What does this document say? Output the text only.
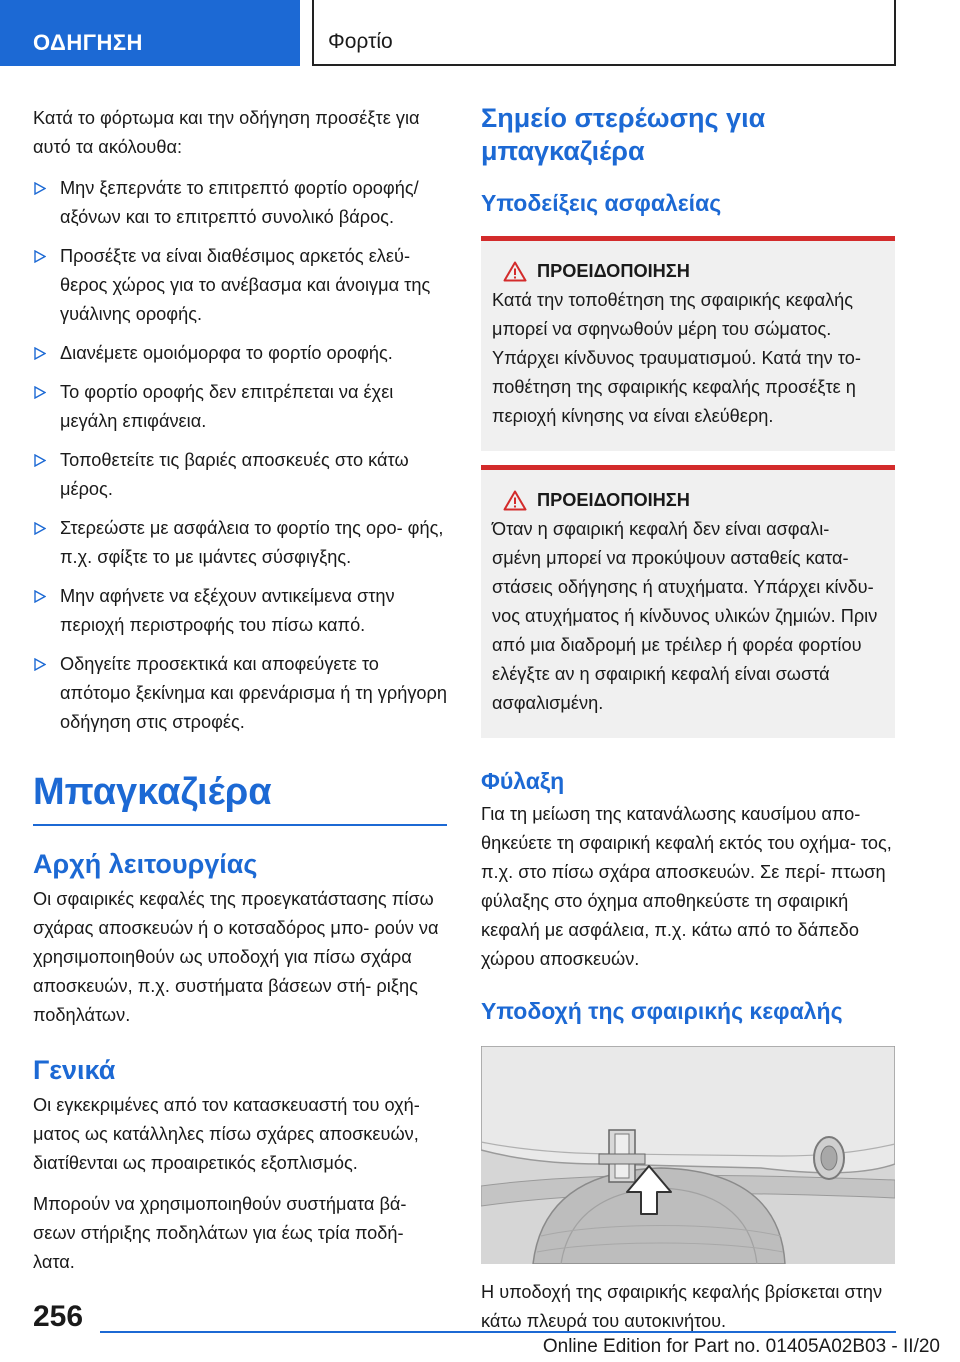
ΟΔΗΓΗΣΗ	Φορτίο

Κατά το φόρτωμα και την οδήγηση προσέξτε για αυτό τα ακόλουθα:

Μην ξεπερνάτε το επιτρεπτό φορτίο οροφής/ αξόνων και το επιτρεπτό συνολικό βάρος.
Προσέξτε να είναι διαθέσιμος αρκετός ελεύ- θερος χώρος για το ανέβασμα και άνοιγμα της γυάλινης οροφής.
Διανέμετε ομοιόμορφα το φορτίο οροφής.
Το φορτίο οροφής δεν επιτρέπεται να έχει μεγάλη επιφάνεια.
Τοποθετείτε τις βαριές αποσκευές στο κάτω μέρος.
Στερεώστε με ασφάλεια το φορτίο της ορο- φής, π.χ. σφίξτε το με ιμάντες σύσφιγξης.
Μην αφήνετε να εξέχουν αντικείμενα στην περιοχή περιστροφής του πίσω καπό.
Οδηγείτε προσεκτικά και αποφεύγετε το απότομο ξεκίνημα και φρενάρισμα ή τη γρήγορη οδήγηση στις στροφές.
Μπαγκαζιέρα
Αρχή λειτουργίας

Οι σφαιρικές κεφαλές της προεγκατάστασης πίσω σχάρας αποσκευών ή ο κοτσαδόρος μπο- ρούν να χρησιμοποιηθούν ως υποδοχή για πίσω σχάρα αποσκευών, π.χ. συστήματα βάσεων στή- ριξης ποδηλάτων.

Γενικά

Οι εγκεκριμένες από τον κατασκευαστή του οχή- ματος ως κατάλληλες πίσω σχάρες αποσκευών, διατίθενται ως προαιρετικός εξοπλισμός.

Μπορούν να χρησιμοποιηθούν συστήματα βά- σεων στήριξης ποδηλάτων για έως τρία ποδή- λατα.

Σημείο στερέωσης για μπαγκαζιέρα
Υποδείξεις ασφαλείας
ΠΡΟΕΙΔΟΠΟΙΗΣΗ

Κατά την τοποθέτηση της σφαιρικής κεφαλής μπορεί να σφηνωθούν μέρη του σώματος. Υπάρχει κίνδυνος τραυματισμού. Κατά την το- ποθέτηση της σφαιρικής κεφαλής προσέξτε η περιοχή κίνησης να είναι ελεύθερη.

ΠΡΟΕΙΔΟΠΟΙΗΣΗ

Όταν η σφαιρική κεφαλή δεν είναι ασφαλι- σμένη μπορεί να προκύψουν ασταθείς κατα- στάσεις οδήγησης ή ατυχήματα. Υπάρχει κίνδυ- νος ατυχήματος ή κίνδυνος υλικών ζημιών. Πριν από μια διαδρομή με τρέιλερ ή φορέα φορτίου ελέγξτε αν η σφαιρική κεφαλή είναι σωστά ασφαλισμένη.

Φύλαξη

Για τη μείωση της κατανάλωσης καυσίμου απο- θηκεύετε τη σφαιρική κεφαλή εκτός του οχήμα- τος, π.χ. στο πίσω σχάρα αποσκευών. Σε περί- πτωση φύλαξης στο όχημα αποθηκεύστε τη σφαιρική κεφαλή με ασφάλεια, π.χ. κάτω από το δάπεδο χώρου αποσκευών.

Υποδοχή της σφαιρικής κεφαλής

Η υποδοχή της σφαιρικής κεφαλής βρίσκεται στην κάτω πλευρά του αυτοκινήτου.

256
Online Edition for Part no. 01405A02B03 - II/20
